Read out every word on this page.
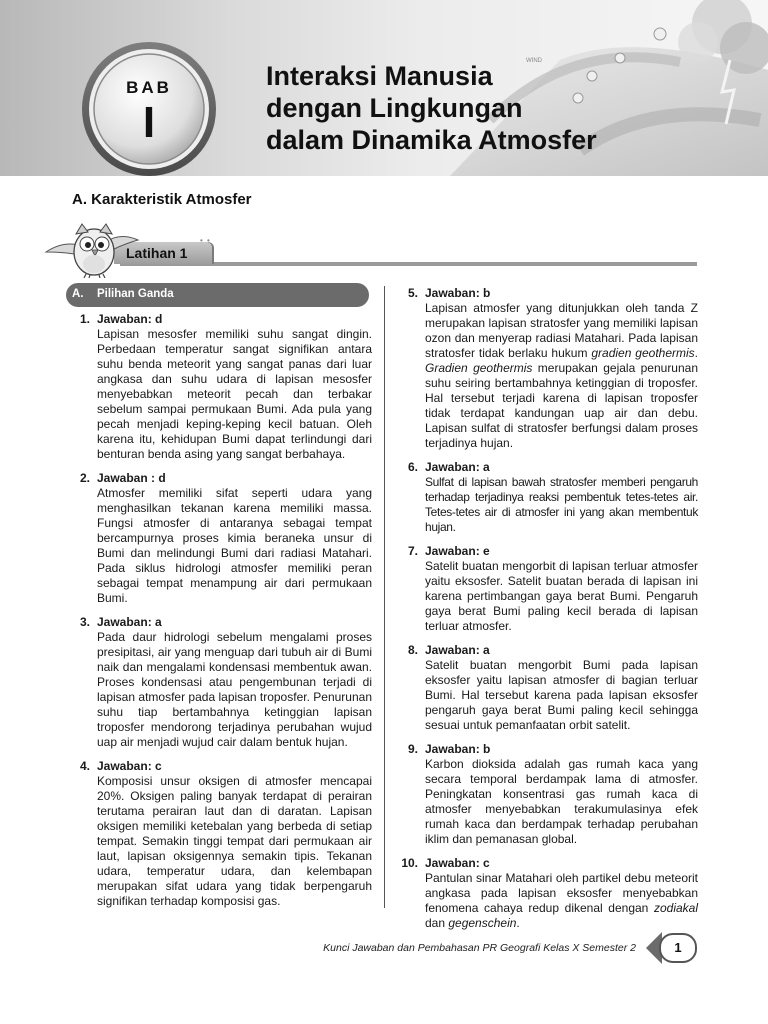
WIND
BAB
I
Interaksi Manusia
dengan Lingkungan
dalam Dinamika Atmosfer
A. Karakteristik Atmosfer
Latihan 1
• •
A. Pilihan Ganda
1. Jawaban: d

Lapisan mesosfer memiliki suhu sangat dingin. Perbedaan temperatur sangat signifikan antara suhu benda meteorit yang sangat panas dari luar angkasa dan suhu udara di lapisan mesosfer menyebabkan meteorit pecah dan terbakar sebelum sampai permukaan Bumi. Ada pula yang pecah menjadi keping-keping kecil batuan. Oleh karena itu, kehidupan Bumi dapat terlindungi dari benturan benda asing yang sangat berbahaya.

2. Jawaban : d

Atmosfer memiliki sifat seperti udara yang menghasilkan tekanan karena memiliki massa. Fungsi atmosfer di antaranya sebagai tempat bercampurnya proses kimia beraneka unsur di Bumi dan melindungi Bumi dari radiasi Matahari. Pada siklus hidrologi atmosfer memiliki peran sebagai tempat menampung air dari permukaan Bumi.

3. Jawaban: a

Pada daur hidrologi sebelum mengalami proses presipitasi, air yang menguap dari tubuh air di Bumi naik dan mengalami kondensasi membentuk awan. Proses kondensasi atau pengembunan terjadi di lapisan atmosfer pada lapisan troposfer. Penurunan suhu tiap bertambahnya ketinggian lapisan troposfer mendorong terjadinya perubahan wujud uap air menjadi wujud cair dalam bentuk hujan.

4. Jawaban: c

Komposisi unsur oksigen di atmosfer mencapai 20%. Oksigen paling banyak terdapat di perairan terutama perairan laut dan di daratan. Lapisan oksigen memiliki ketebalan yang berbeda di setiap tempat. Semakin tinggi tempat dari permukaan air laut, lapisan oksigennya semakin tipis. Tekanan udara, temperatur udara, dan kelembapan merupakan sifat udara yang tidak berpengaruh signifikan terhadap komposisi gas.

5. Jawaban: b

Lapisan atmosfer yang ditunjukkan oleh tanda Z merupakan lapisan stratosfer yang memiliki lapisan ozon dan menyerap radiasi Matahari. Pada lapisan stratosfer tidak berlaku hukum gradien geothermis. Gradien geothermis merupakan gejala penurunan suhu seiring bertambahnya ketinggian di troposfer. Hal tersebut terjadi karena di lapisan troposfer tidak terdapat kandungan uap air dan debu. Lapisan sulfat di stratosfer berfungsi dalam proses terjadinya hujan.

6. Jawaban: a

Sulfat di lapisan bawah stratosfer memberi pengaruh terhadap terjadinya reaksi pembentuk tetes-tetes air. Tetes-tetes air di atmosfer ini yang akan membentuk hujan.

7. Jawaban: e

Satelit buatan mengorbit di lapisan terluar atmosfer yaitu eksosfer. Satelit buatan berada di lapisan ini karena pertimbangan gaya berat Bumi. Pengaruh gaya berat Bumi paling kecil berada di lapisan terluar atmosfer.

8. Jawaban: a

Satelit buatan mengorbit Bumi pada lapisan eksosfer yaitu lapisan atmosfer di bagian terluar Bumi. Hal tersebut karena pada lapisan eksosfer pengaruh gaya berat Bumi paling kecil sehingga sesuai untuk pemanfaatan orbit satelit.

9. Jawaban: b

Karbon dioksida adalah gas rumah kaca yang secara temporal berdampak lama di atmosfer. Peningkatan konsentrasi gas rumah kaca di atmosfer menyebabkan terakumulasinya efek rumah kaca dan berdampak terhadap perubahan iklim dan pemanasan global.

10. Jawaban: c

Pantulan sinar Matahari oleh partikel debu meteorit angkasa pada lapisan eksosfer menyebabkan fenomena cahaya redup dikenal dengan zodiakal dan gegenschein.

Kunci Jawaban dan Pembahasan PR Geografi Kelas X Semester 2	1
